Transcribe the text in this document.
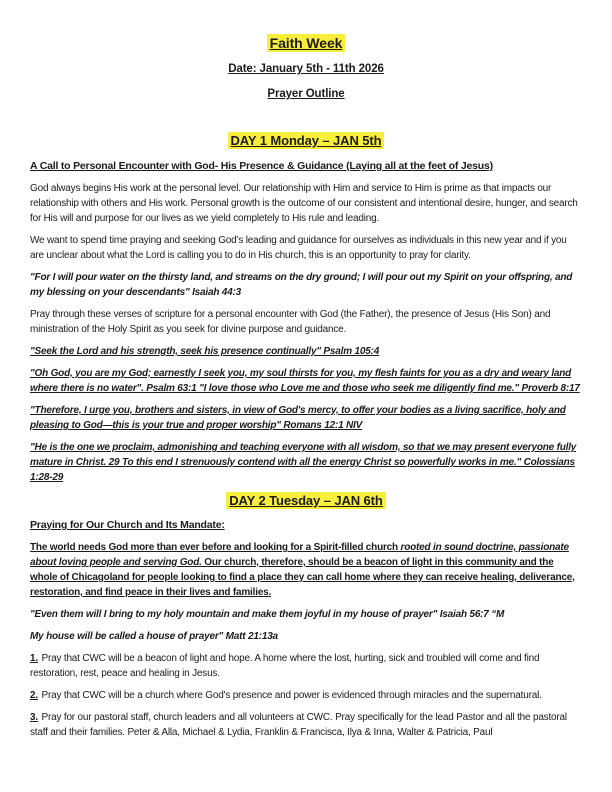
Faith Week

Date: January 5th - 11th 2026

Prayer Outline

DAY 1 Monday – JAN 5th

A Call to Personal Encounter with God- His Presence & Guidance (Laying all at the feet of Jesus)

God always begins His work at the personal level. Our relationship with Him and service to Him is prime as that impacts our relationship with others and His work. Personal growth is the outcome of our consistent and intentional desire, hunger, and search for His will and purpose for our lives as we yield completely to His rule and leading.

We want to spend time praying and seeking God’s leading and guidance for ourselves as individuals in this new year and if you are unclear about what the Lord is calling you to do in His church, this is an opportunity to pray for clarity.

"For I will pour water on the thirsty land, and streams on the dry ground; I will pour out my Spirit on your offspring, and my blessing on your descendants" Isaiah 44:3

Pray through these verses of scripture for a personal encounter with God (the Father), the presence of Jesus (His Son) and ministration of the Holy Spirit as you seek for divine purpose and guidance.

"Seek the Lord and his strength, seek his presence continually" Psalm 105:4

"Oh God, you are my God; earnestly I seek you, my soul thirsts for you, my flesh faints for you as a dry and weary land where there is no water". Psalm 63:1 "I love those who Love me and those who seek me diligently find me." Proverb 8:17

"Therefore, I urge you, brothers and sisters, in view of God's mercy, to offer your bodies as a living sacrifice, holy and pleasing to God—this is your true and proper worship" Romans 12:1 NIV

"He is the one we proclaim, admonishing and teaching everyone with all wisdom, so that we may present everyone fully mature in Christ. 29 To this end I strenuously contend with all the energy Christ so powerfully works in me." Colossians 1:28-29

DAY 2 Tuesday – JAN 6th

Praying for Our Church and Its Mandate:

The world needs God more than ever before and looking for a Spirit-filled church rooted in sound doctrine, passionate about loving people and serving God. Our church, therefore, should be a beacon of light in this community and the whole of Chicagoland for people looking to find a place they can call home where they can receive healing, deliverance, restoration, and find peace in their lives and families.

"Even them will I bring to my holy mountain and make them joyful in my house of prayer" Isaiah 56:7 “M

My house will be called a house of prayer" Matt 21:13a

1. Pray that CWC will be a beacon of light and hope. A home where the lost, hurting, sick and troubled will come and find restoration, rest, peace and healing in Jesus.

2. Pray that CWC will be a church where God's presence and power is evidenced through miracles and the supernatural.

3. Pray for our pastoral staff, church leaders and all volunteers at CWC. Pray specifically for the lead Pastor and all the pastoral staff and their families. Peter & Alla, Michael & Lydia, Franklin & Francisca, Ilya & Inna, Walter & Patricia, Paul
